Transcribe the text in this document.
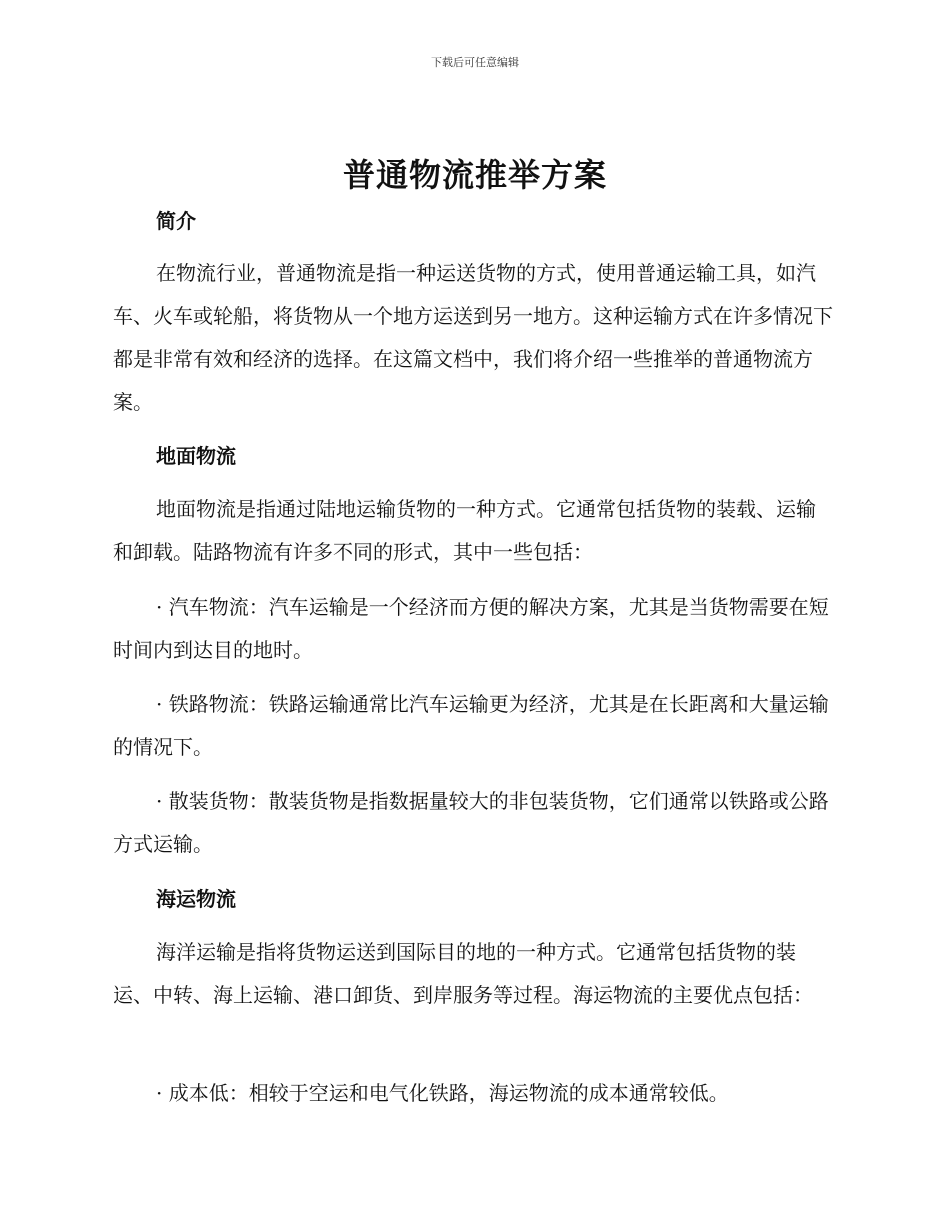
下载后可任意编辑
普通物流推举方案
简介

在物流行业，普通物流是指一种运送货物的方式，使用普通运输工具，如汽车、火车或轮船，将货物从一个地方运送到另一地方。这种运输方式在许多情况下都是非常有效和经济的选择。在这篇文档中，我们将介绍一些推举的普通物流方案。

地面物流

地面物流是指通过陆地运输货物的一种方式。它通常包括货物的装载、运输和卸载。陆路物流有许多不同的形式，其中一些包括：

· 汽车物流：汽车运输是一个经济而方便的解决方案，尤其是当货物需要在短时间内到达目的地时。

· 铁路物流：铁路运输通常比汽车运输更为经济，尤其是在长距离和大量运输的情况下。

· 散装货物：散装货物是指数据量较大的非包装货物，它们通常以铁路或公路方式运输。

海运物流

海洋运输是指将货物运送到国际目的地的一种方式。它通常包括货物的装运、中转、海上运输、港口卸货、到岸服务等过程。海运物流的主要优点包括：

· 成本低：相较于空运和电气化铁路，海运物流的成本通常较低。
